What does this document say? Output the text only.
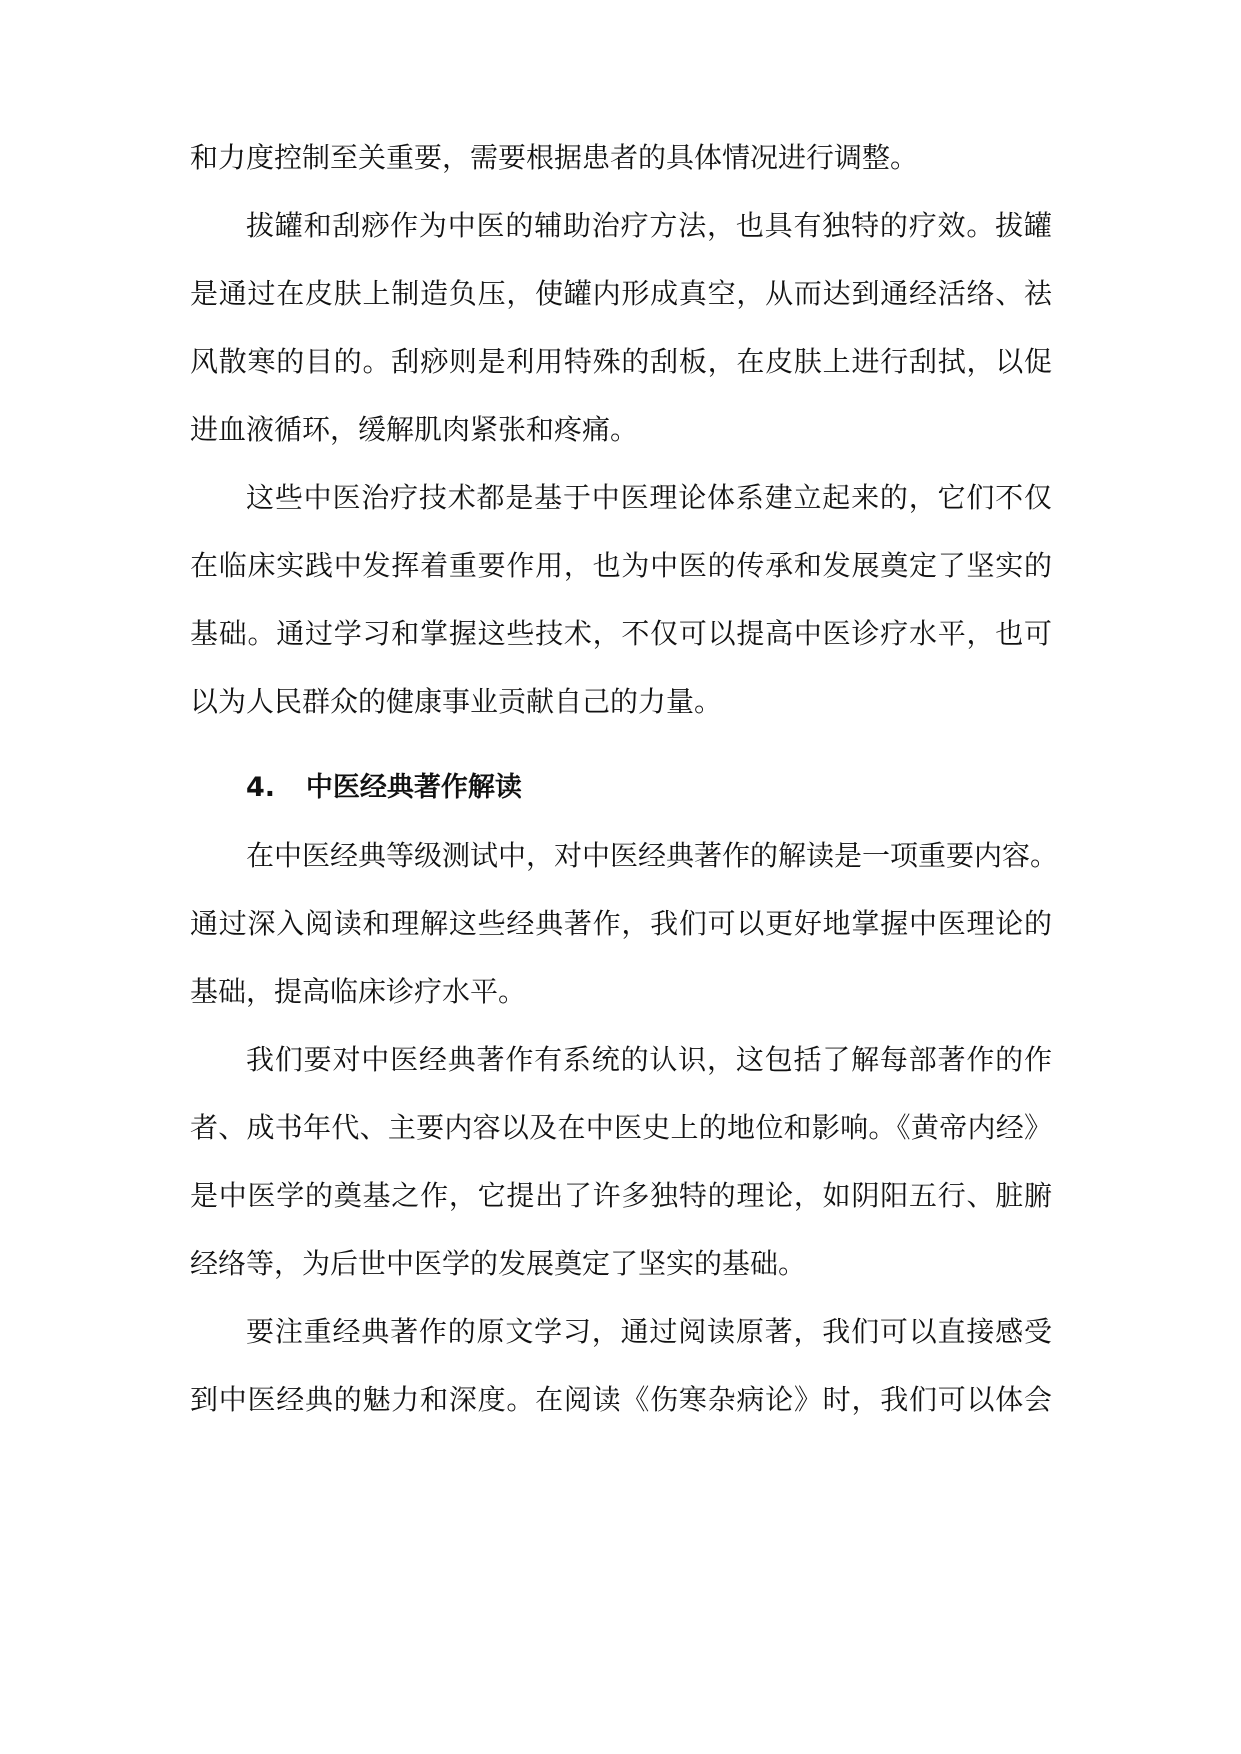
和力度控制至关重要，需要根据患者的具体情况进行调整。
拔罐和刮痧作为中医的辅助治疗方法，也具有独特的疗效。拔罐
是通过在皮肤上制造负压，使罐内形成真空，从而达到通经活络、祛
风散寒的目的。刮痧则是利用特殊的刮板，在皮肤上进行刮拭，以促
进血液循环，缓解肌肉紧张和疼痛。
这些中医治疗技术都是基于中医理论体系建立起来的，它们不仅
在临床实践中发挥着重要作用，也为中医的传承和发展奠定了坚实的
基础。通过学习和掌握这些技术，不仅可以提高中医诊疗水平，也可
以为人民群众的健康事业贡献自己的力量。
4. 中医经典著作解读
在中医经典等级测试中，对中医经典著作的解读是一项重要内容。
通过深入阅读和理解这些经典著作，我们可以更好地掌握中医理论的
基础，提高临床诊疗水平。
我们要对中医经典著作有系统的认识，这包括了解每部著作的作
者、成书年代、主要内容以及在中医史上的地位和影响。《黄帝内经》
是中医学的奠基之作，它提出了许多独特的理论，如阴阳五行、脏腑
经络等，为后世中医学的发展奠定了坚实的基础。
要注重经典著作的原文学习，通过阅读原著，我们可以直接感受
到中医经典的魅力和深度。在阅读《伤寒杂病论》时，我们可以体会
